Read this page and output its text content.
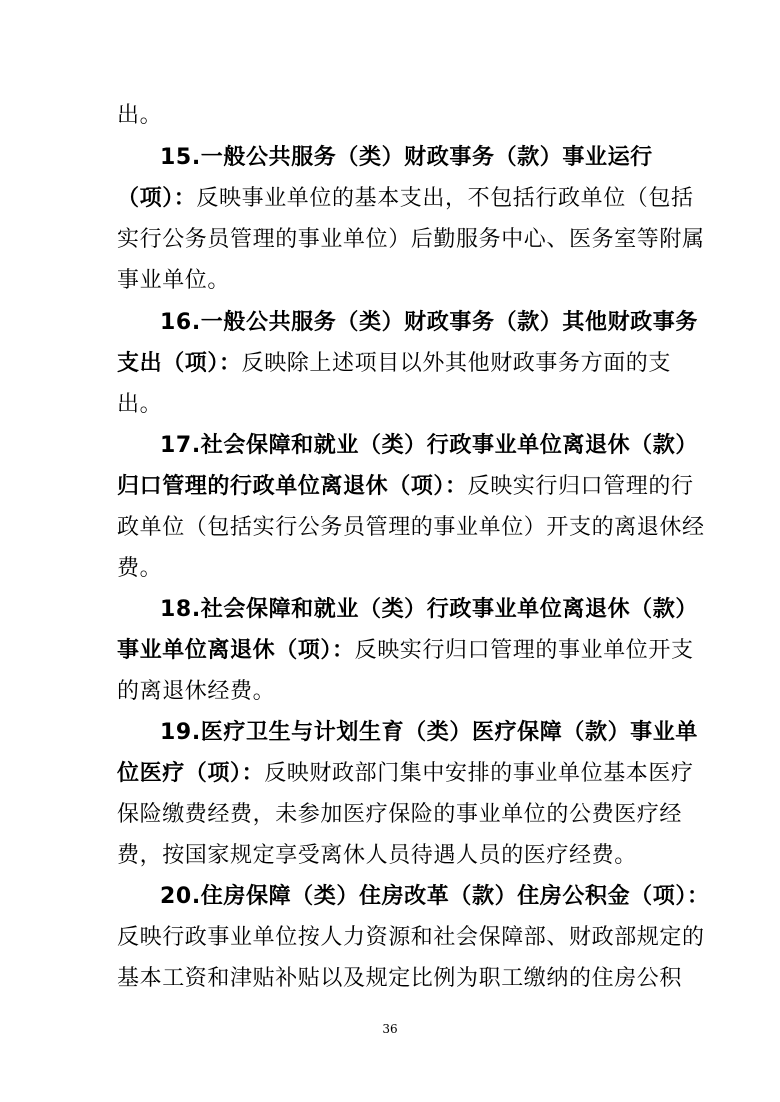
出。
15.一般公共服务（类）财政事务（款）事业运行
（项）：反映事业单位的基本支出，不包括行政单位（包括
实行公务员管理的事业单位）后勤服务中心、医务室等附属
事业单位。
16.一般公共服务（类）财政事务（款）其他财政事务
支出（项）：反映除上述项目以外其他财政事务方面的支
出。
17.社会保障和就业（类）行政事业单位离退休（款）
归口管理的行政单位离退休（项）：反映实行归口管理的行
政单位（包括实行公务员管理的事业单位）开支的离退休经
费。
18.社会保障和就业（类）行政事业单位离退休（款）
事业单位离退休（项）：反映实行归口管理的事业单位开支
的离退休经费。
19.医疗卫生与计划生育（类）医疗保障（款）事业单
位医疗（项）：反映财政部门集中安排的事业单位基本医疗
保险缴费经费，未参加医疗保险的事业单位的公费医疗经
费，按国家规定享受离休人员待遇人员的医疗经费。
20.住房保障（类）住房改革（款）住房公积金（项）：
反映行政事业单位按人力资源和社会保障部、财政部规定的
基本工资和津贴补贴以及规定比例为职工缴纳的住房公积
36
